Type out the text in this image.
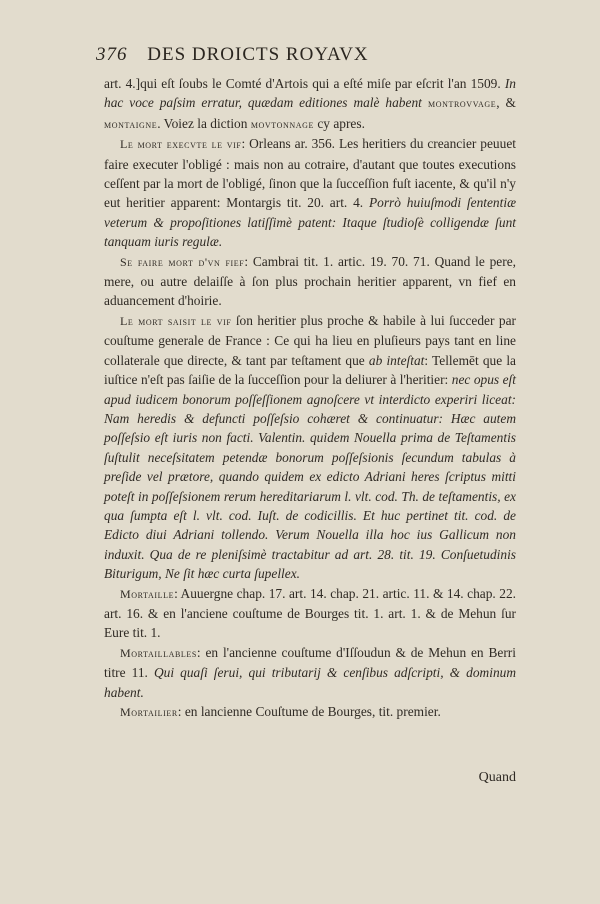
376 DES DROICTS ROYAVX

art. 4.]qui eſt ſoubs le Comté d'Artois qui a eſté miſe par eſcrit l'an 1509. In hac voce paſsim erratur, quædam editiones malè habent montrovvage, & montaigne. Voiez la diction movtonnage cy apres.

Le mort execvte le vif: Orleans ar. 356. Les heritiers du creancier peuuet faire executer l'obligé : mais non au cotraire, d'autant que toutes executions ceſſent par la mort de l'obligé, ſinon que la ſucceſſion fuſt iacente, & qu'il n'y eut heritier apparent: Montargis tit. 20. art. 4. Porrò huiuſmodi ſententiæ veterum & propoſitiones latiſſimè patent: Itaque ſtudioſè colligendæ ſunt tanquam iuris regulæ.

Se faire mort d'vn fief: Cambrai tit. 1. artic. 19. 70. 71. Quand le pere, mere, ou autre delaiſſe à ſon plus prochain heritier apparent, vn fief en aduancement d'hoirie.

Le mort saisit le vif ſon heritier plus proche & habile à lui ſucceder par couſtume generale de France : Ce qui ha lieu en pluſieurs pays tant en line collaterale que directe, & tant par teſtament que ab inteſtat: Tellemēt que la iuſtice n'eſt pas ſaiſie de la ſucceſſion pour la deliurer à l'heritier: nec opus eſt apud iudicem bonorum poſſeſſionem agnoſcere vt interdicto experiri liceat: Nam heredis & defuncti poſſeſsio cohæret & continuatur: Hæc autem poſſeſsio eſt iuris non facti. Valentin. quidem Nouella prima de Teſtamentis ſuſtulit neceſsitatem petendæ bonorum poſſeſsionis ſecundum tabulas à preſide vel prætore, quando quidem ex edicto Adriani heres ſcriptus mitti poteſt in poſſeſsionem rerum hereditariarum l. vlt. cod. Th. de teſtamentis, ex qua ſumpta eſt l. vlt. cod. Iuſt. de codicillis. Et huc pertinet tit. cod. de Edicto diui Adriani tollendo. Verum Nouella illa hoc ius Gallicum non induxit. Qua de re pleniſsimè tractabitur ad art. 28. tit. 19. Conſuetudinis Biturigum, Ne ſit hæc curta ſupellex.

Mortaille: Auuergne chap. 17. art. 14. chap. 21. artic. 11. & 14. chap. 22. art. 16. & en l'anciene couſtume de Bourges tit. 1. art. 1. & de Mehun ſur Eure tit. 1.

Mortaillables: en l'ancienne couſtume d'Iſſoudun & de Mehun en Berri titre 11. Qui quaſi ſerui, qui tributarij & cenſibus adſcripti, & dominum habent.

Mortailier: en lancienne Couſtume de Bourges, tit. premier.

Quand
